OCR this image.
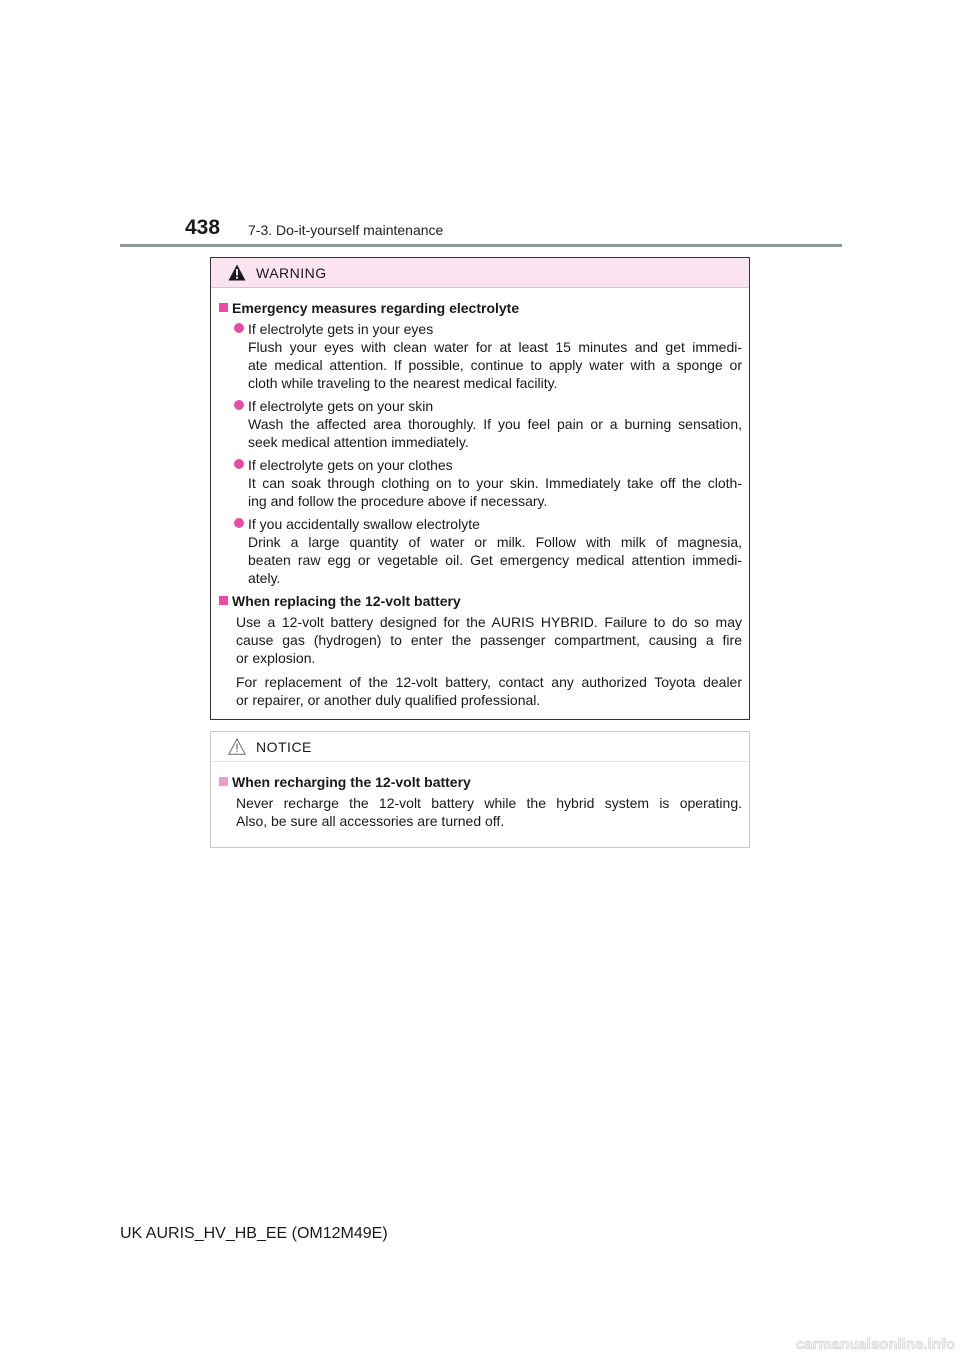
438 7-3. Do-it-yourself maintenance
WARNING
Emergency measures regarding electrolyte
If electrolyte gets in your eyes
Flush your eyes with clean water for at least 15 minutes and get immedi-
ate medical attention. If possible, continue to apply water with a sponge or
cloth while traveling to the nearest medical facility.
If electrolyte gets on your skin
Wash the affected area thoroughly. If you feel pain or a burning sensation,
seek medical attention immediately.
If electrolyte gets on your clothes
It can soak through clothing on to your skin. Immediately take off the cloth-
ing and follow the procedure above if necessary.
If you accidentally swallow electrolyte
Drink a large quantity of water or milk. Follow with milk of magnesia,
beaten raw egg or vegetable oil. Get emergency medical attention immedi-
ately.
When replacing the 12-volt battery
Use a 12-volt battery designed for the AURIS HYBRID. Failure to do so may
cause gas (hydrogen) to enter the passenger compartment, causing a fire
or explosion.
For replacement of the 12-volt battery, contact any authorized Toyota dealer
or repairer, or another duly qualified professional.
NOTICE
When recharging the 12-volt battery
Never recharge the 12-volt battery while the hybrid system is operating.
Also, be sure all accessories are turned off.
UK AURIS_HV_HB_EE (OM12M49E)
carmanualsonline.info
